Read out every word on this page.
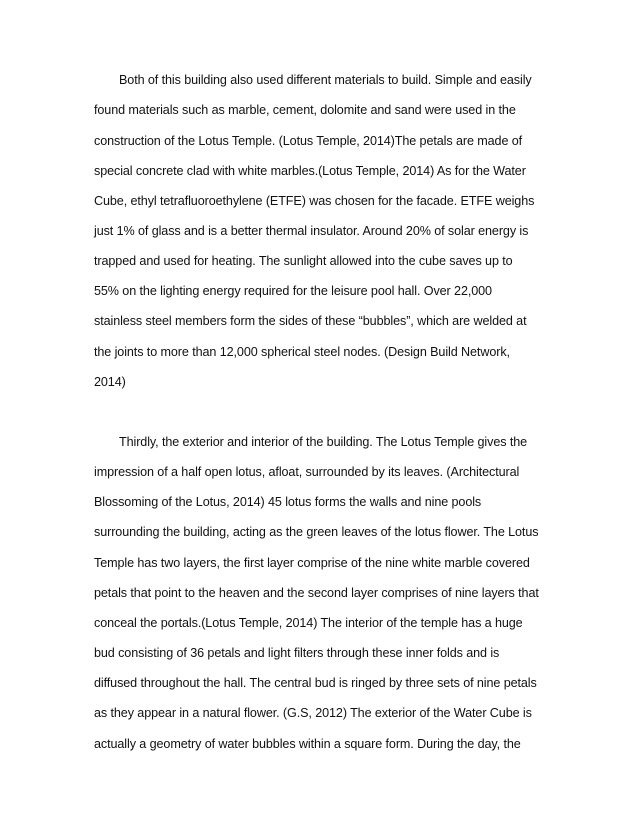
Both of this building also used different materials to build. Simple and easily
found materials such as marble, cement, dolomite and sand were used in the
construction of the Lotus Temple. (Lotus Temple, 2014)The petals are made of
special concrete clad with white marbles.(Lotus Temple, 2014) As for the Water
Cube, ethyl tetrafluoroethylene (ETFE) was chosen for the facade. ETFE weighs
just 1% of glass and is a better thermal insulator. Around 20% of solar energy is
trapped and used for heating. The sunlight allowed into the cube saves up to
55% on the lighting energy required for the leisure pool hall. Over 22,000
stainless steel members form the sides of these “bubbles”, which are welded at
the joints to more than 12,000 spherical steel nodes. (Design Build Network,
2014)
Thirdly, the exterior and interior of the building. The Lotus Temple gives the
impression of a half open lotus, afloat, surrounded by its leaves. (Architectural
Blossoming of the Lotus, 2014) 45 lotus forms the walls and nine pools
surrounding the building, acting as the green leaves of the lotus flower. The Lotus
Temple has two layers, the first layer comprise of the nine white marble covered
petals that point to the heaven and the second layer comprises of nine layers that
conceal the portals.(Lotus Temple, 2014) The interior of the temple has a huge
bud consisting of 36 petals and light filters through these inner folds and is
diffused throughout the hall. The central bud is ringed by three sets of nine petals
as they appear in a natural flower. (G.S, 2012) The exterior of the Water Cube is
actually a geometry of water bubbles within a square form. During the day, the
